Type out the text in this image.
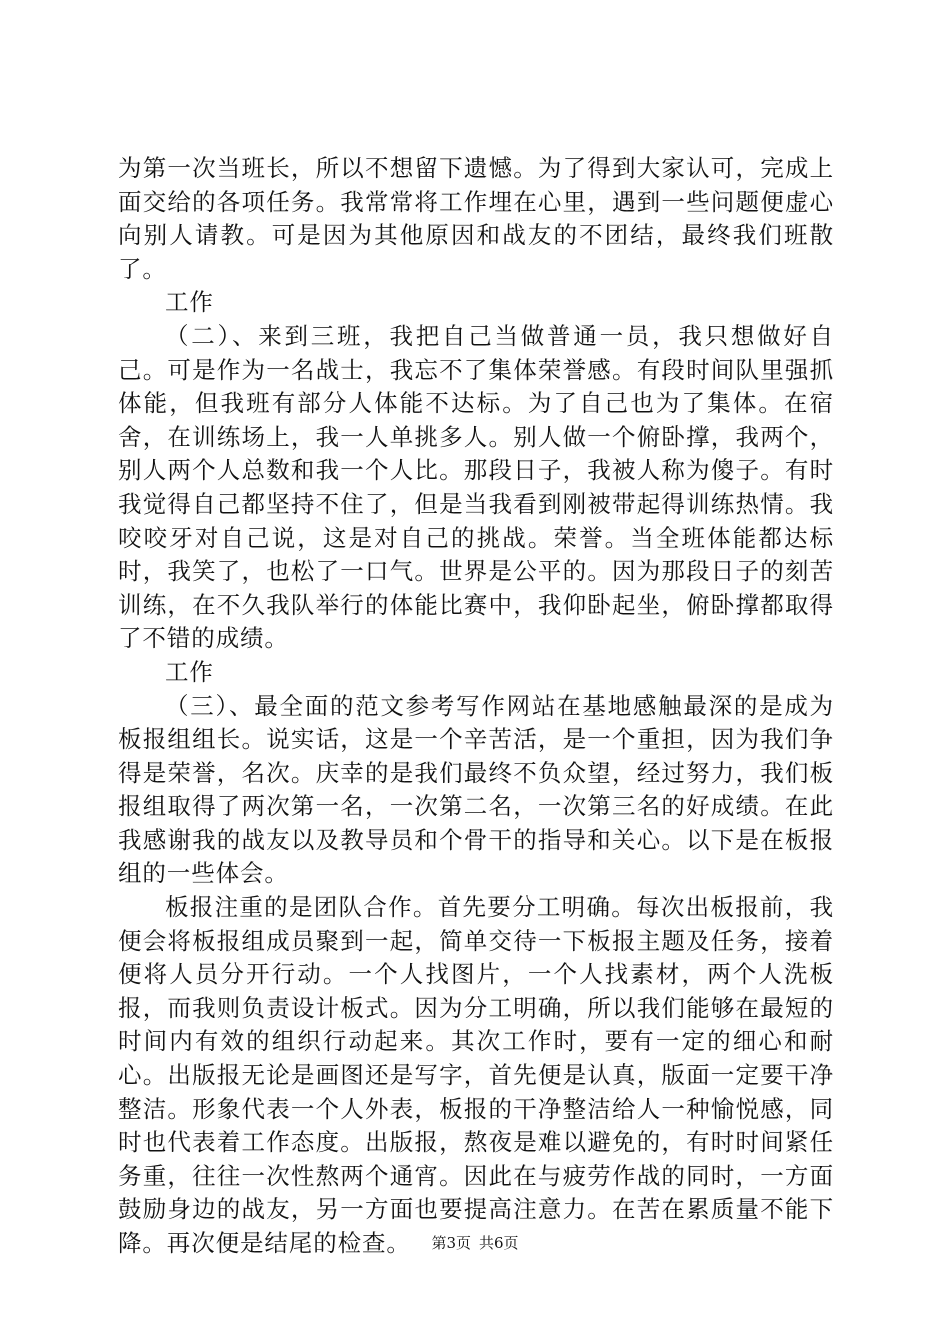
为第一次当班长，所以不想留下遗憾。为了得到大家认可，完成上面交给的各项任务。我常常将工作埋在心里，遇到一些问题便虚心向别人请教。可是因为其他原因和战友的不团结，最终我们班散了。

工作

（二）、来到三班，我把自己当做普通一员，我只想做好自己。可是作为一名战士，我忘不了集体荣誉感。有段时间队里强抓体能，但我班有部分人体能不达标。为了自己也为了集体。在宿舍，在训练场上，我一人单挑多人。别人做一个俯卧撑，我两个，别人两个人总数和我一个人比。那段日子，我被人称为傻子。有时我觉得自己都坚持不住了，但是当我看到刚被带起得训练热情。我咬咬牙对自己说，这是对自己的挑战。荣誉。当全班体能都达标时，我笑了，也松了一口气。世界是公平的。因为那段日子的刻苦训练，在不久我队举行的体能比赛中，我仰卧起坐，俯卧撑都取得了不错的成绩。

工作

（三）、最全面的范文参考写作网站在基地感触最深的是成为板报组组长。说实话，这是一个辛苦活，是一个重担，因为我们争得是荣誉，名次。庆幸的是我们最终不负众望，经过努力，我们板报组取得了两次第一名，一次第二名，一次第三名的好成绩。在此我感谢我的战友以及教导员和个骨干的指导和关心。以下是在板报组的一些体会。

板报注重的是团队合作。首先要分工明确。每次出板报前，我便会将板报组成员聚到一起，简单交待一下板报主题及任务，接着便将人员分开行动。一个人找图片，一个人找素材，两个人洗板报，而我则负责设计板式。因为分工明确，所以我们能够在最短的时间内有效的组织行动起来。其次工作时，要有一定的细心和耐心。出版报无论是画图还是写字，首先便是认真，版面一定要干净整洁。形象代表一个人外表，板报的干净整洁给人一种愉悦感，同时也代表着工作态度。出版报，熬夜是难以避免的，有时时间紧任务重，往往一次性熬两个通宵。因此在与疲劳作战的同时，一方面鼓励身边的战友，另一方面也要提高注意力。在苦在累质量不能下降。再次便是结尾的检查。	第3页 共6页
